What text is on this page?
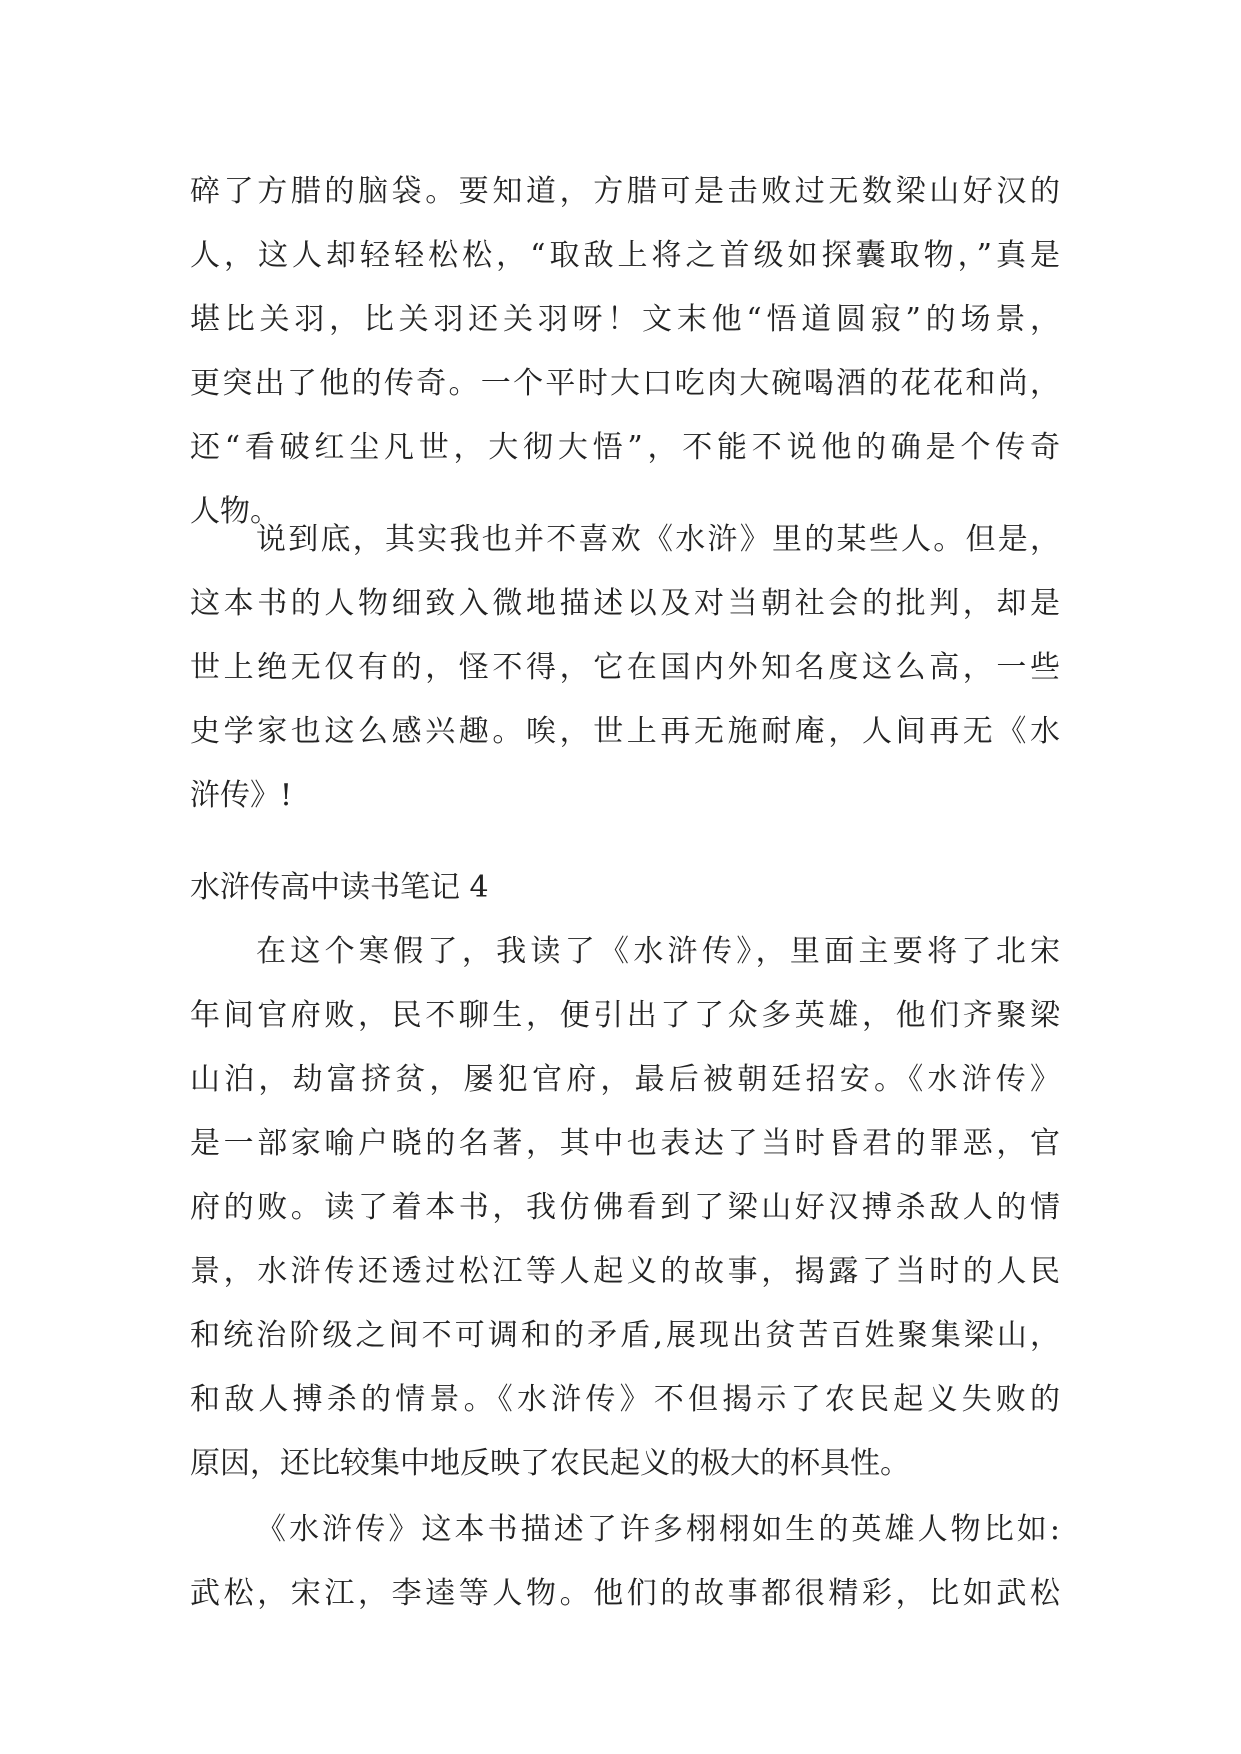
碎了方腊的脑袋。要知道，方腊可是击败过无数梁山好汉的
人，这人却轻轻松松，“取敌上将之首级如探囊取物，”真是
堪比关羽，比关羽还关羽呀！文末他“悟道圆寂”的场景，
更突出了他的传奇。一个平时大口吃肉大碗喝酒的花花和尚，
还“看破红尘凡世，大彻大悟”，不能不说他的确是个传奇
人物。
说到底，其实我也并不喜欢《水浒》里的某些人。但是，
这本书的人物细致入微地描述以及对当朝社会的批判，却是
世上绝无仅有的，怪不得，它在国内外知名度这么高，一些
史学家也这么感兴趣。唉，世上再无施耐庵，人间再无《水
浒传》!
水浒传高中读书笔记 4
在这个寒假了，我读了《水浒传》，里面主要将了北宋
年间官府败，民不聊生，便引出了了众多英雄，他们齐聚梁
山泊，劫富挤贫，屡犯官府，最后被朝廷招安。《水浒传》
是一部家喻户晓的名著，其中也表达了当时昏君的罪恶，官
府的败。读了着本书，我仿佛看到了梁山好汉搏杀敌人的情
景，水浒传还透过松江等人起义的故事，揭露了当时的人民
和统治阶级之间不可调和的矛盾,展现出贫苦百姓聚集梁山，
和敌人搏杀的情景。《水浒传》不但揭示了农民起义失败的
原因，还比较集中地反映了农民起义的极大的杯具性。
《水浒传》这本书描述了许多栩栩如生的英雄人物比如:
武松，宋江，李逵等人物。他们的故事都很精彩，比如武松
